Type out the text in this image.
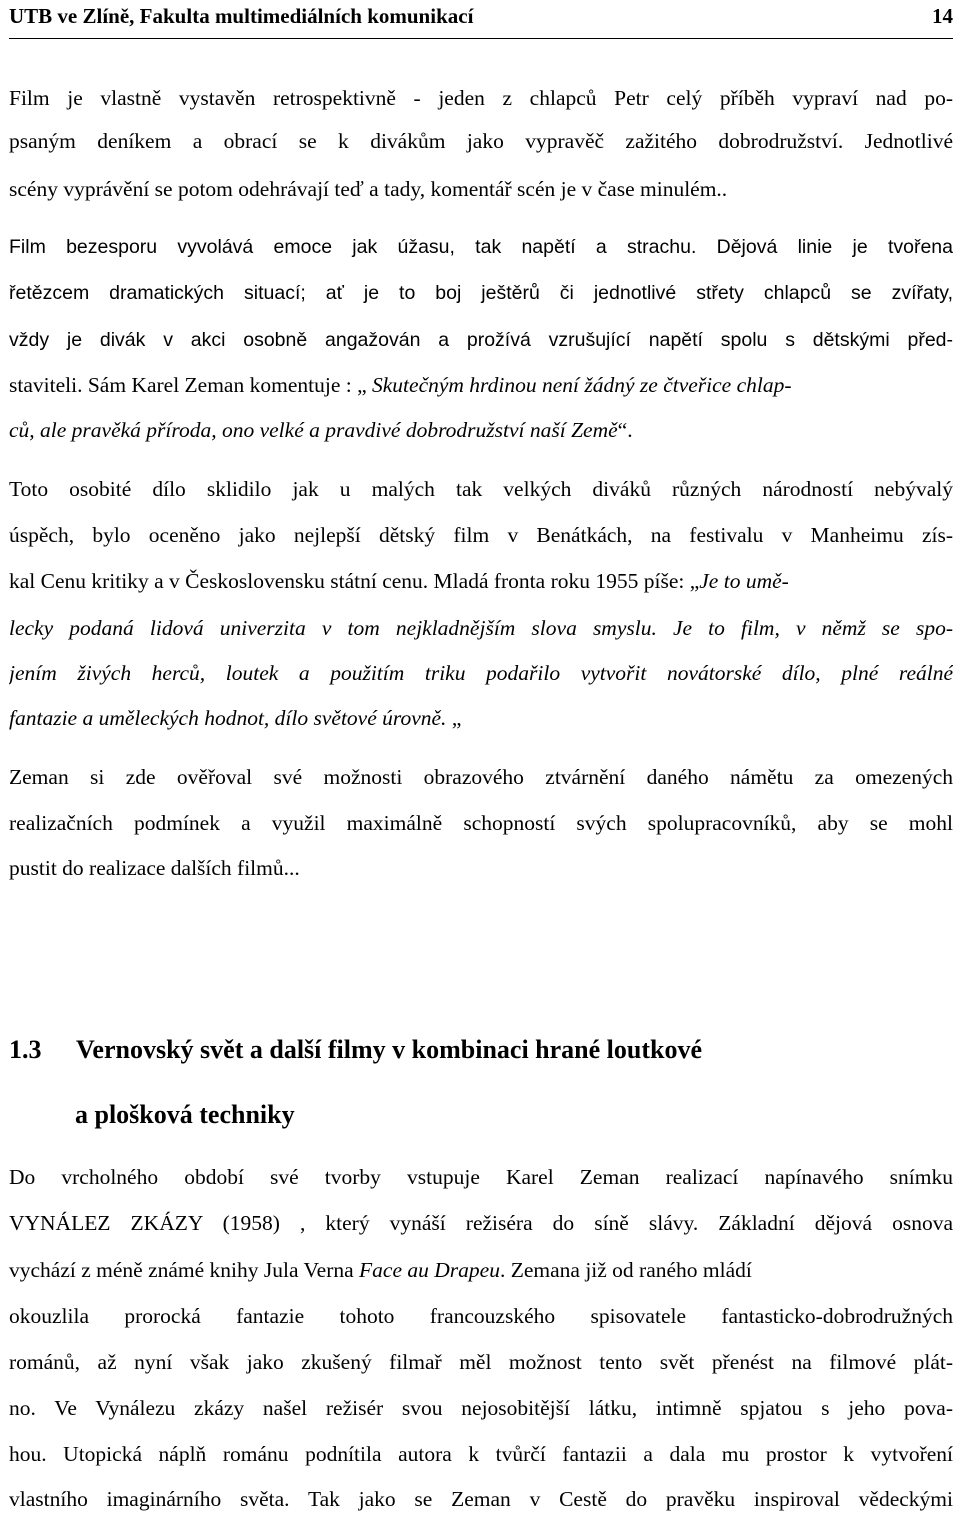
UTB ve Zlíně, Fakulta multimediálních komunikací	14
Film je vlastně vystavěn retrospektivně - jeden z chlapců Petr celý příběh vypraví nad po-
psaným deníkem a obrací se k divákům jako vypravěč zažitého dobrodružství. Jednotlivé
scény vyprávění se potom odehrávají teď a tady, komentář scén je v čase minulém..
Film bezesporu vyvolává emoce jak úžasu, tak napětí a strachu. Dějová linie je tvořena
řetězcem dramatických situací; ať je to boj ještěrů či jednotlivé střety chlapců se zvířaty,
vždy je divák v akci osobně angažován a prožívá vzrušující napětí spolu s dětskými před-
staviteli. Sám Karel Zeman komentuje : „ Skutečným hrdinou není žádný ze čtveřice chlap-
ců, ale pravěká příroda, ono velké a pravdivé dobrodružství naší Země“.
Toto osobité dílo sklidilo jak u malých tak velkých diváků různých národností nebývalý
úspěch, bylo oceněno jako nejlepší dětský film v Benátkách, na festivalu v Manheimu zís-
kal Cenu kritiky a v Československu státní cenu. Mladá fronta roku 1955 píše: „Je to umě-
lecky podaná lidová univerzita v tom nejkladnějším slova smyslu. Je to film, v němž se spo-
jením živých herců, loutek a použitím triku podařilo vytvořit novátorské dílo, plné reálné
fantazie a uměleckých hodnot, dílo světové úrovně. „
Zeman si zde ověřoval své možnosti obrazového ztvárnění daného námětu za omezených
realizačních podmínek a využil maximálně schopností svých spolupracovníků, aby se mohl
pustit do realizace dalších filmů...
1.3 Vernovský svět a další filmy v kombinaci hrané loutkové
a plošková techniky
Do vrcholného období své tvorby vstupuje Karel Zeman realizací napínavého snímku
VYNÁLEZ ZKÁZY (1958) , který vynáší režiséra do síně slávy. Základní dějová osnova
vychází z méně známé knihy Jula Verna Face au Drapeu. Zemana již od raného mládí
okouzlila prorocká fantazie tohoto francouzského spisovatele fantasticko-dobrodružných
románů, až nyní však jako zkušený filmař měl možnost tento svět přenést na filmové plát-
no. Ve Vynálezu zkázy našel režisér svou nejosobitější látku, intimně spjatou s jeho pova-
hou. Utopická náplň románu podnítila autora k tvůrčí fantazii a dala mu prostor k vytvoření
vlastního imaginárního světa. Tak jako se Zeman v Cestě do pravěku inspiroval vědeckými
